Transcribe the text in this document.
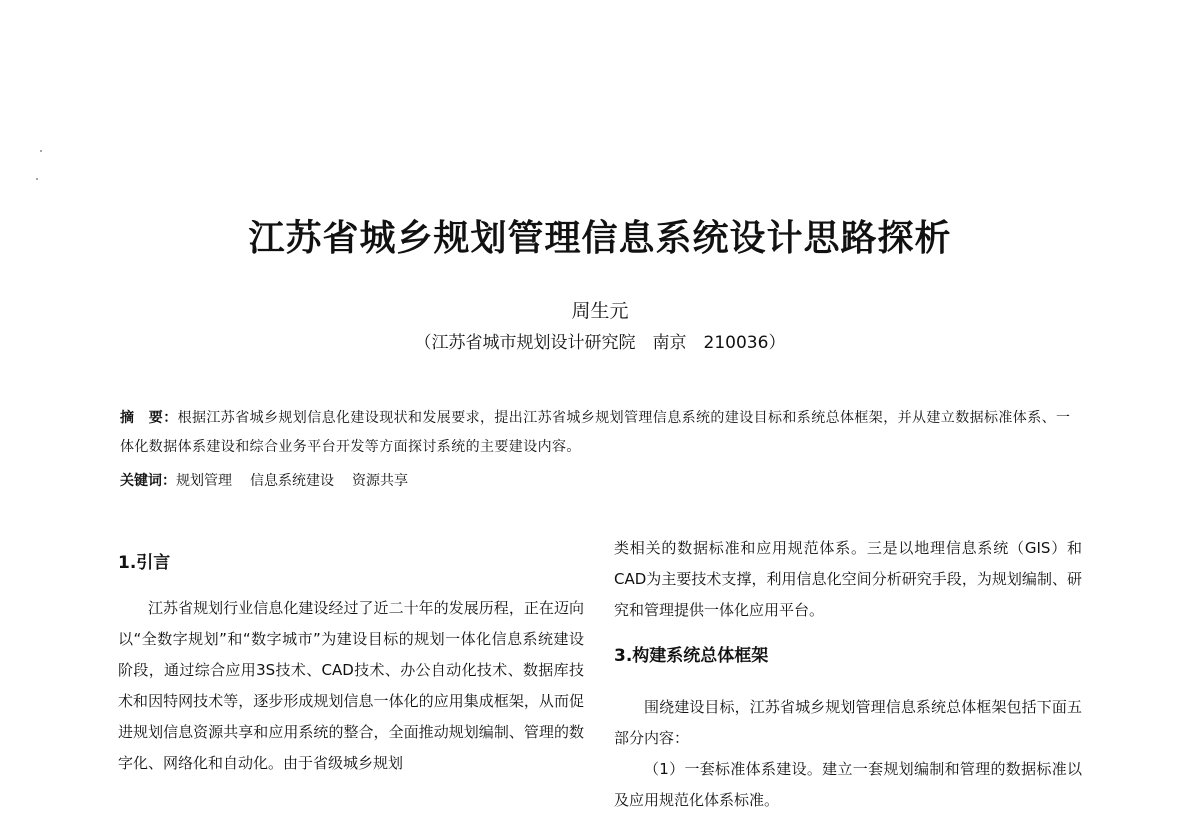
江苏省城乡规划管理信息系统设计思路探析
周生元
（江苏省城市规划设计研究院　南京　210036）
摘　要：根据江苏省城乡规划信息化建设现状和发展要求，提出江苏省城乡规划管理信息系统的建设目标和系统总体框架，并从建立数据标准体系、一体化数据体系建设和综合业务平台开发等方面探讨系统的主要建设内容。
关键词：规划管理 信息系统建设 资源共享
1.引言
江苏省规划行业信息化建设经过了近二十年的发展历程，正在迈向以“全数字规划”和“数字城市”为建设目标的规划一体化信息系统建设阶段，通过综合应用3S技术、CAD技术、办公自动化技术、数据库技术和因特网技术等，逐步形成规划信息一体化的应用集成框架，从而促进规划信息资源共享和应用系统的整合，全面推动规划编制、管理的数字化、网络化和自动化。由于省级城乡规划
类相关的数据标准和应用规范体系。三是以地理信息系统（GIS）和CAD为主要技术支撑，利用信息化空间分析研究手段，为规划编制、研究和管理提供一体化应用平台。
3.构建系统总体框架
围绕建设目标，江苏省城乡规划管理信息系统总体框架包括下面五部分内容：
（1）一套标准体系建设。建立一套规划编制和管理的数据标准以及应用规范化体系标准。
